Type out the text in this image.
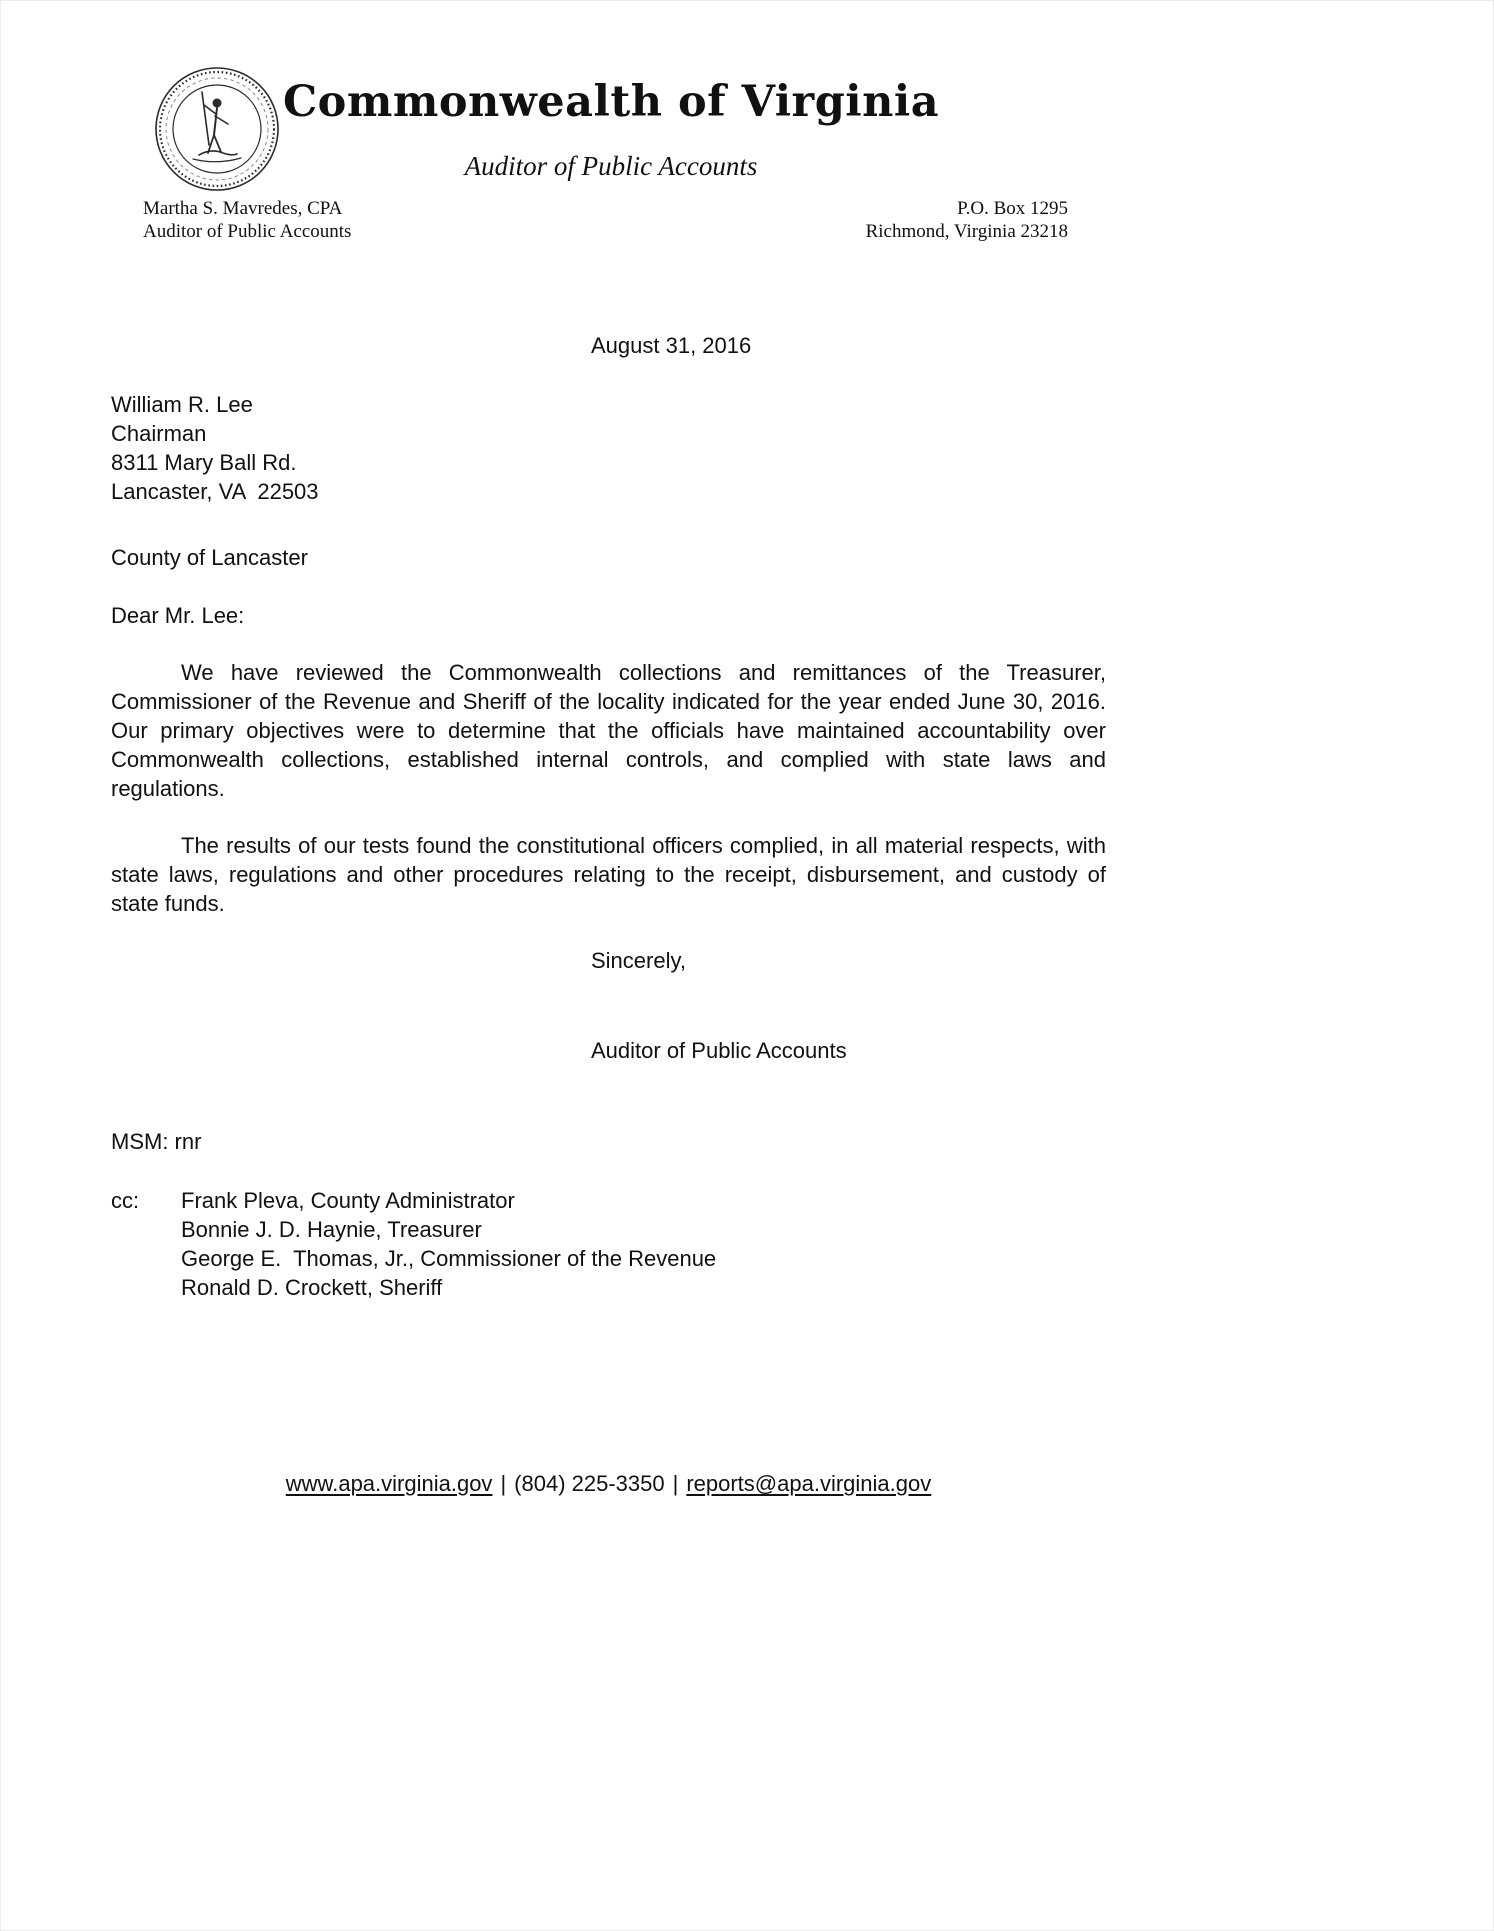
Commonwealth of Virginia
Auditor of Public Accounts
Martha S. Mavredes, CPA
Auditor of Public Accounts
P.O. Box 1295
Richmond, Virginia 23218
August 31, 2016
William R. Lee
Chairman
8311 Mary Ball Rd.
Lancaster, VA  22503
County of Lancaster
Dear Mr. Lee:

We have reviewed the Commonwealth collections and remittances of the Treasurer, Commissioner of the Revenue and Sheriff of the locality indicated for the year ended June 30, 2016. Our primary objectives were to determine that the officials have maintained accountability over Commonwealth collections, established internal controls, and complied with state laws and regulations.

The results of our tests found the constitutional officers complied, in all material respects, with state laws, regulations and other procedures relating to the receipt, disbursement, and custody of state funds.

Sincerely,
Auditor of Public Accounts
MSM: rnr
cc:	Frank Pleva, County Administrator
Bonnie J. D. Haynie, Treasurer
George E.  Thomas, Jr., Commissioner of the Revenue
Ronald D. Crockett, Sheriff
www.apa.virginia.gov | (804) 225-3350 | reports@apa.virginia.gov
